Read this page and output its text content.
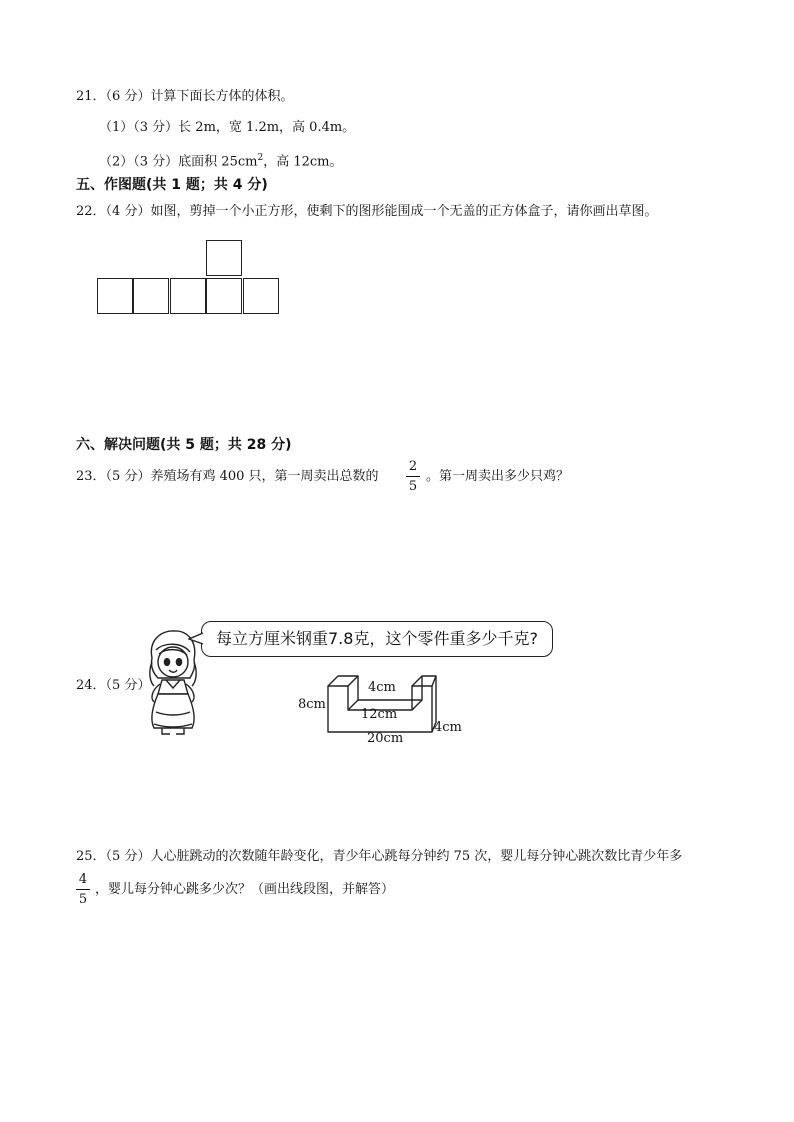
21．（6 分）计算下面长方体的体积。
（1）（3 分）长 2m，宽 1.2m，高 0.4m。
（2）（3 分）底面积 $25cm^2$，高 12cm。
五、作图题(共 1 题；共 4 分)
22．（4 分）如图，剪掉一个小正方形，使剩下的图形能围成一个无盖的正方体盒子，请你画出草图。
六、解决问题(共 5 题；共 28 分)
23．（5 分）养殖场有鸡 400 只，第一周卖出总数的
2
5
。第一周卖出多少只鸡？
24．（5 分）
每立方厘米钢重7.8克，这个零件重多少千克?
4cm
12cm
20cm
8cm
4cm
25．（5 分）人心脏跳动的次数随年龄变化，青少年心跳每分钟约 75 次，婴儿每分钟心跳次数比青少年多
4
5
，婴儿每分钟心跳多少次？（画出线段图，并解答）
